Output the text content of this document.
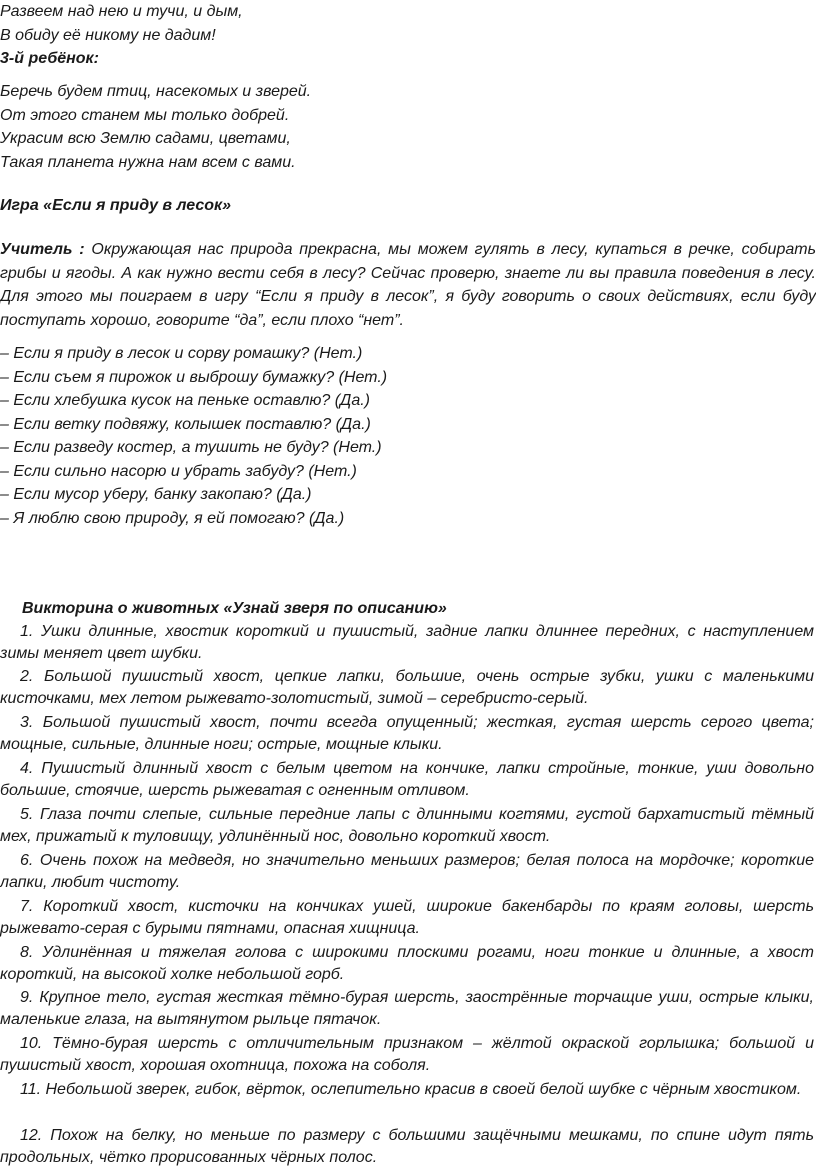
Развеем над нею и тучи, и дым,
В обиду её никому не дадим!
3-й ребёнок:
Беречь будем птиц, насекомых и зверей.
От этого станем мы только добрей.
Украсим всю Землю садами, цветами,
Такая планета нужна нам всем с вами.
Игра «Если я приду в лесок»
Учитель : Окружающая нас природа прекрасна, мы можем гулять в лесу, купаться в речке, собирать грибы и ягоды. А как нужно вести себя в лесу? Сейчас проверю, знаете ли вы правила поведения в лесу. Для этого мы поиграем в игру “Если я приду в лесок”, я буду говорить о своих действиях, если буду поступать хорошо, говорите “да”, если плохо “нет”.
– Если я приду в лесок и сорву ромашку? (Нет.)
– Если съем я пирожок и выброшу бумажку? (Нет.)
– Если хлебушка кусок на пеньке оставлю? (Да.)
– Если ветку подвяжу, колышек поставлю? (Да.)
– Если разведу костер, а тушить не буду? (Нет.)
– Если сильно насорю и убрать забуду? (Нет.)
– Если мусор уберу, банку закопаю? (Да.)
– Я люблю свою природу, я ей помогаю? (Да.)
Викторина о животных «Узнай зверя по описанию»
1. Ушки длинные, хвостик короткий и пушистый, задние лапки длиннее передних, с наступлением зимы меняет цвет шубки.
2. Большой пушистый хвост, цепкие лапки, большие, очень острые зубки, ушки с маленькими кисточками, мех летом рыжевато-золотистый, зимой – серебристо-серый.
3. Большой пушистый хвост, почти всегда опущенный; жесткая, густая шерсть серого цвета; мощные, сильные, длинные ноги; острые, мощные клыки.
4. Пушистый длинный хвост с белым цветом на кончике, лапки стройные, тонкие, уши довольно большие, стоячие, шерсть рыжеватая с огненным отливом.
5. Глаза почти слепые, сильные передние лапы с длинными когтями, густой бархатистый тёмный мех, прижатый к туловищу, удлинённый нос, довольно короткий хвост.
6. Очень похож на медведя, но значительно меньших размеров; белая полоса на мордочке; короткие лапки, любит чистоту.
7. Короткий хвост, кисточки на кончиках ушей, широкие бакенбарды по краям головы, шерсть рыжевато-серая с бурыми пятнами, опасная хищница.
8. Удлинённая и тяжелая голова с широкими плоскими рогами, ноги тонкие и длинные, а хвост короткий, на высокой холке небольшой горб.
9. Крупное тело, густая жесткая тёмно-бурая шерсть, заострённые торчащие уши, острые клыки, маленькие глаза, на вытянутом рыльце пятачок.
10. Тёмно-бурая шерсть с отличительным признаком – жёлтой окраской горлышка; большой и пушистый хвост, хорошая охотница, похожа на соболя.
11. Небольшой зверек, гибок, вёрток, ослепительно красив в своей белой шубке с чёрным хвостиком.
12. Похож на белку, но меньше по размеру с большими защёчными мешками, по спине идут пять продольных, чётко прорисованных чёрных полос.
